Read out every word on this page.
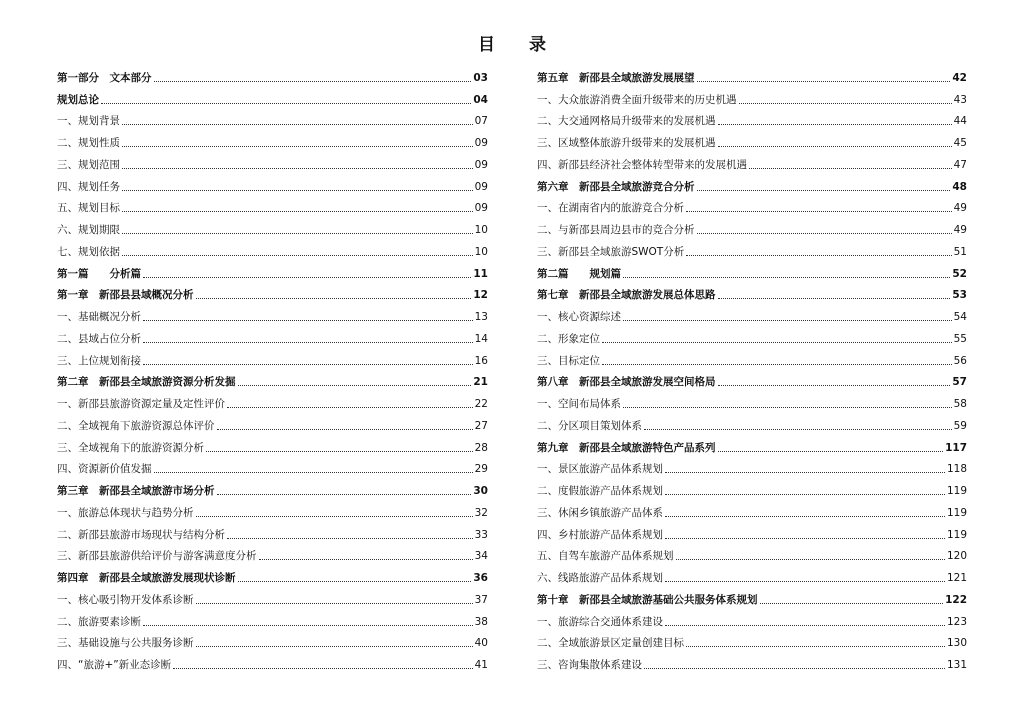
目 录
第一部分　文本部分	03
规划总论	04
一、规划背景	07
二、规划性质	09
三、规划范围	09
四、规划任务	09
五、规划目标	09
六、规划期限	10
七、规划依据	10
第一篇　　分析篇	11
第一章　新邵县县域概况分析	12
一、基础概况分析	13
二、县域占位分析	14
三、上位规划衔接	16
第二章　新邵县全域旅游资源分析发掘	21
一、新邵县旅游资源定量及定性评价	22
二、全域视角下旅游资源总体评价	27
三、全域视角下的旅游资源分析	28
四、资源新价值发掘	29
第三章　新邵县全域旅游市场分析	30
一、旅游总体现状与趋势分析	32
二、新邵县旅游市场现状与结构分析	33
三、新邵县旅游供给评价与游客满意度分析	34
第四章　新邵县全域旅游发展现状诊断	36
一、核心吸引物开发体系诊断	37
二、旅游要素诊断	38
三、基础设施与公共服务诊断	40
四、“旅游+”新业态诊断	41
第五章　新邵县全域旅游发展展望	42
一、大众旅游消费全面升级带来的历史机遇	43
二、大交通网格局升级带来的发展机遇	44
三、区域整体旅游升级带来的发展机遇	45
四、新邵县经济社会整体转型带来的发展机遇	47
第六章　新邵县全域旅游竞合分析	48
一、在湖南省内的旅游竞合分析	49
二、与新邵县周边县市的竞合分析	49
三、新邵县全域旅游SWOT分析	51
第二篇　　规划篇	52
第七章　新邵县全域旅游发展总体思路	53
一、核心资源综述	54
二、形象定位	55
三、目标定位	56
第八章　新邵县全域旅游发展空间格局	57
一、空间布局体系	58
二、分区项目策划体系	59
第九章　新邵县全域旅游特色产品系列	117
一、景区旅游产品体系规划	118
二、度假旅游产品体系规划	119
三、休闲乡镇旅游产品体系	119
四、乡村旅游产品体系规划	119
五、自驾车旅游产品体系规划	120
六、线路旅游产品体系规划	121
第十章　新邵县全域旅游基础公共服务体系规划	122
一、旅游综合交通体系建设	123
二、全域旅游景区定量创建目标	130
三、咨询集散体系建设	131
